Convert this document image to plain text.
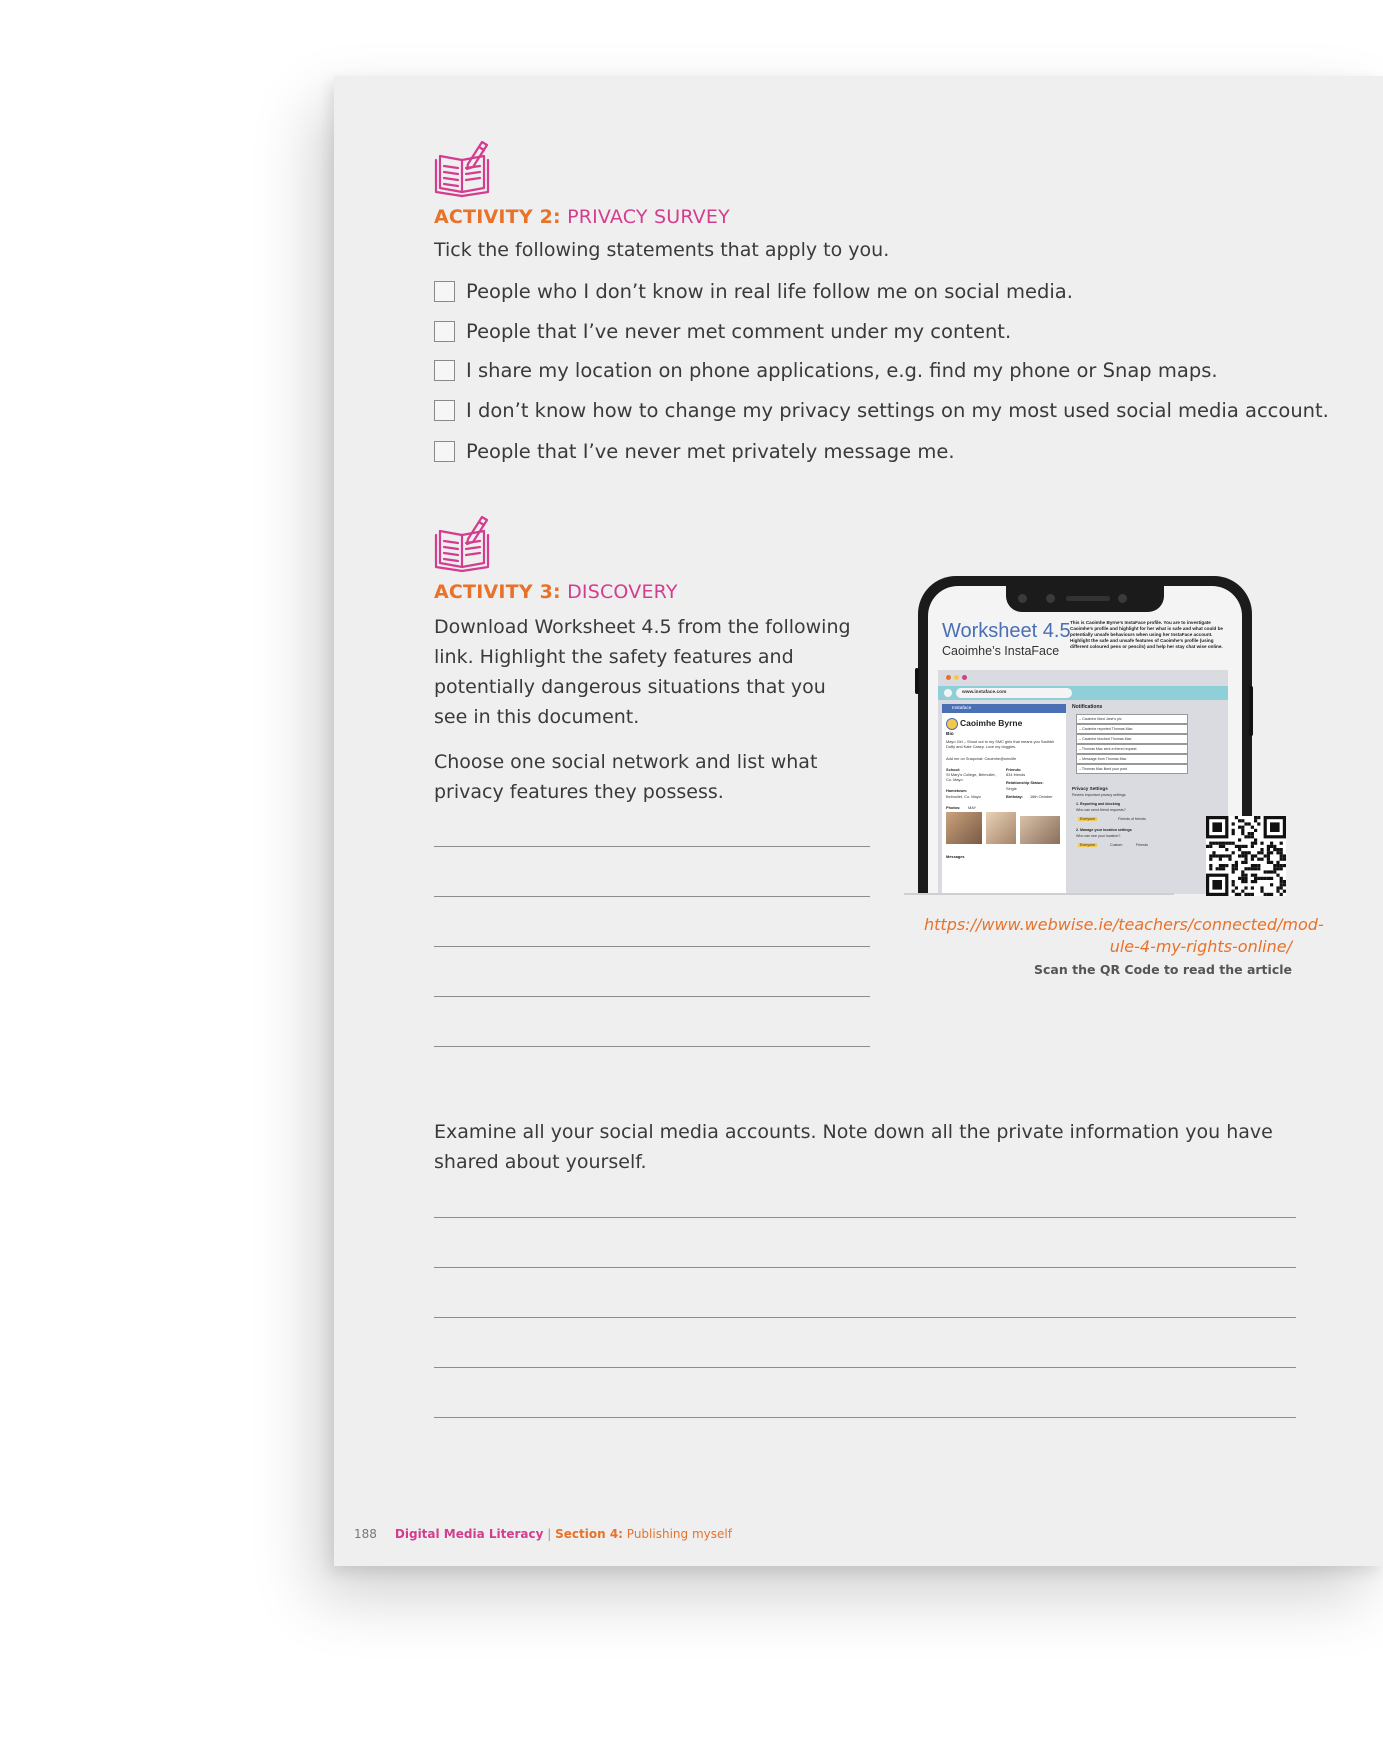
ACTIVITY 2: PRIVACY SURVEY
Tick the following statements that apply to you.
People who I don’t know in real life follow me on social media.
People that I’ve never met comment under my content.
I share my location on phone applications, e.g. find my phone or Snap maps.
I don’t know how to change my privacy settings on my most used social media account.
People that I’ve never met privately message me.
ACTIVITY 3: DISCOVERY
Download Worksheet 4.5 from the following link. Highlight the safety features and potentially dangerous situations that you see in this document.
Choose one social network and list what privacy features they possess.
Worksheet 4.5
Caoimhe’s InstaFace
This is Caoimhe Byrne’s InstaFace profile. You are to investigate Caoimhe’s profile and highlight for her what is safe and what could be potentially unsafe behaviours when using her InstaFace account. Highlight the safe and unsafe features of Caoimhe’s profile (using different coloured pens or pencils) and help her stay chat wise online.
www.instaface.com
Instaface
Caoimhe Byrne
Bio
Mayo Girl – Shout out to my SMC girls that means you Sadhbh Duffy and Kate Casey. Love my doggies.
Add me on Snapchat: Caoimhe@smclife
School:
St Mary’s College, Belmullet, Co. Mayo
Friends:
834 friends
Hometown:
Belmullet, Co. Mayo
Relationship Status:
Single
Birthday: 16th October
Photos: MAY
Messages
Notifications
– Caoimhe liked Jane’s pic
– Caoimhe reported Thomas Mac
– Caoimhe blocked Thomas Mac
– Thomas Mac sent a friend request
– Message from Thomas Mac
– Thomas Mac liked your post
Privacy Settings
Review important privacy settings
1. Reporting and blocking
Who can send friend requests?
Everyone	Friends of friends
2. Manage your location settings
Who can see your location?
Everyone	Custom	Friends
https://www.webwise.ie/teachers/connected/mod-ule-4-my-rights-online/
Scan the QR Code to read the article
Examine all your social media accounts. Note down all the private information you have shared about yourself.
188 Digital Media Literacy | Section 4: Publishing myself
